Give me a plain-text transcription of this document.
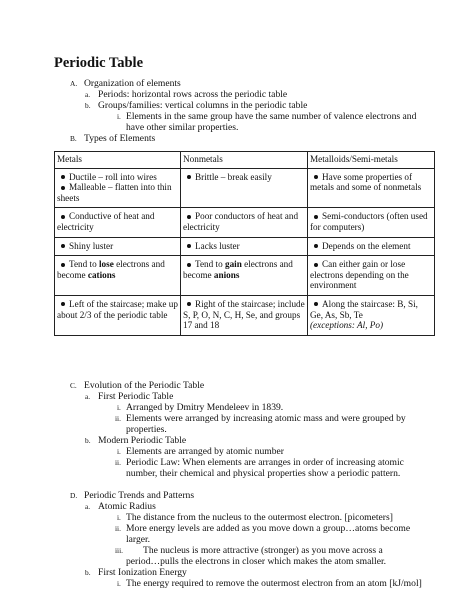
Periodic Table
A. Organization of elements
a. Periods: horizontal rows across the periodic table
b. Groups/families: vertical columns in the periodic table
i. Elements in the same group have the same number of valence electrons and
have other similar properties.
B. Types of Elements
Metals	Nonmetals	Metalloids/Semi-metals

Ductile – roll into wires
Malleable – flatten into thin sheets	Brittle – break easily	Have some properties of metals and some of nonmetals

Conductive of heat and electricity	Poor conductors of heat and electricity	Semi-conductors (often used for computers)

Shiny luster	Lacks luster	Depends on the element

Tend to lose electrons and become cations	Tend to gain electrons and become anions	Can either gain or lose electrons depending on the environment

Left of the staircase; make up about 2/3 of the periodic table	Right of the staircase; include S, P, O, N, C, H, Se, and groups 17 and 18	Along the staircase: B, Si, Ge, As, Sb, Te
(exceptions: Al, Po)
C. Evolution of the Periodic Table
a. First Periodic Table
i. Arranged by Dmitry Mendeleev in 1839.
ii. Elements were arranged by increasing atomic mass and were grouped by
properties.
b. Modern Periodic Table
i. Elements are arranged by atomic number
ii. Periodic Law: When elements are arranges in order of increasing atomic
number, their chemical and physical properties show a periodic pattern.
D. Periodic Trends and Patterns
a. Atomic Radius
i. The distance from the nucleus to the outermost electron. [picometers]
ii. More energy levels are added as you move down a group…atoms become
larger.
iii. The nucleus is more attractive (stronger) as you move across a
period…pulls the electrons in closer which makes the atom smaller.
b. First Ionization Energy
i. The energy required to remove the outermost electron from an atom [kJ/mol]
